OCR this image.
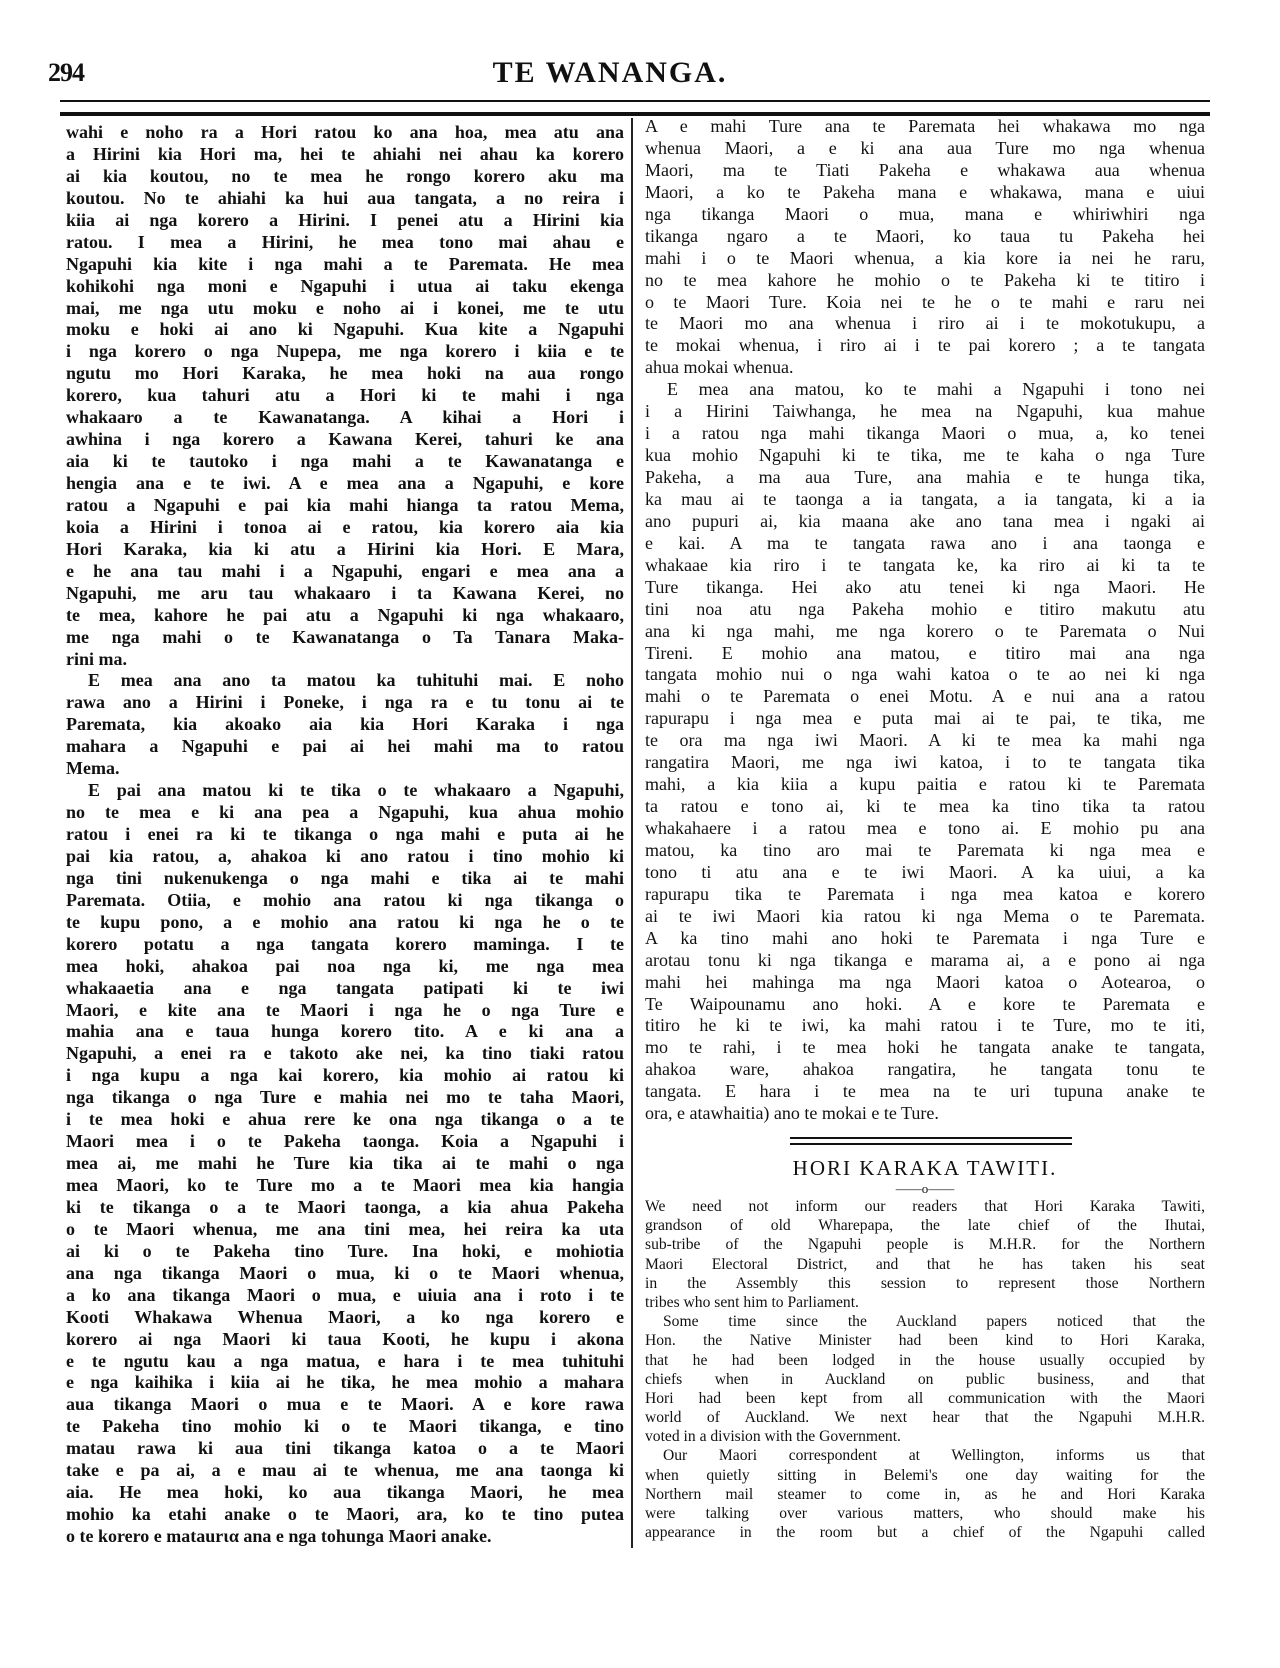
294	TE WANANGA.
wahi e noho ra a Hori ratou ko ana hoa, mea atu ana
a Hirini kia Hori ma, hei te ahiahi nei ahau ka korero
ai kia koutou, no te mea he rongo korero aku ma
koutou. No te ahiahi ka hui aua tangata, a no reira i
kiia ai nga korero a Hirini. I penei atu a Hirini kia
ratou. I mea a Hirini, he mea tono mai ahau e
Ngapuhi kia kite i nga mahi a te Paremata. He mea
kohikohi nga moni e Ngapuhi i utua ai taku ekenga
mai, me nga utu moku e noho ai i konei, me te utu
moku e hoki ai ano ki Ngapuhi. Kua kite a Ngapuhi
i nga korero o nga Nupepa, me nga korero i kiia e te
ngutu mo Hori Karaka, he mea hoki na aua rongo
korero, kua tahuri atu a Hori ki te mahi i nga
whakaaro a te Kawanatanga. A kihai a Hori i
awhina i nga korero a Kawana Kerei, tahuri ke ana
aia ki te tautoko i nga mahi a te Kawanatanga e
hengia ana e te iwi. A e mea ana a Ngapuhi, e kore
ratou a Ngapuhi e pai kia mahi hianga ta ratou Mema,
koia a Hirini i tonoa ai e ratou, kia korero aia kia
Hori Karaka, kia ki atu a Hirini kia Hori. E Mara,
e he ana tau mahi i a Ngapuhi, engari e mea ana a
Ngapuhi, me aru tau whakaaro i ta Kawana Kerei, no
te mea, kahore he pai atu a Ngapuhi ki nga whakaaro,
me nga mahi o te Kawanatanga o Ta Tanara Maka-
rini ma.
E mea ana ano ta matou ka tuhituhi mai. E noho
rawa ano a Hirini i Poneke, i nga ra e tu tonu ai te
Paremata, kia akoako aia kia Hori Karaka i nga
mahara a Ngapuhi e pai ai hei mahi ma to ratou
Mema.
E pai ana matou ki te tika o te whakaaro a Ngapuhi,
no te mea e ki ana pea a Ngapuhi, kua ahua mohio
ratou i enei ra ki te tikanga o nga mahi e puta ai he
pai kia ratou, a, ahakoa ki ano ratou i tino mohio ki
nga tini nukenukenga o nga mahi e tika ai te mahi
Paremata. Otiia, e mohio ana ratou ki nga tikanga o
te kupu pono, a e mohio ana ratou ki nga he o te
korero potatu a nga tangata korero maminga. I te
mea hoki, ahakoa pai noa nga ki, me nga mea
whakaaetia ana e nga tangata patipati ki te iwi
Maori, e kite ana te Maori i nga he o nga Ture e
mahia ana e taua hunga korero tito. A e ki ana a
Ngapuhi, a enei ra e takoto ake nei, ka tino tiaki ratou
i nga kupu a nga kai korero, kia mohio ai ratou ki
nga tikanga o nga Ture e mahia nei mo te taha Maori,
i te mea hoki e ahua rere ke ona nga tikanga o a te
Maori mea i o te Pakeha taonga. Koia a Ngapuhi i
mea ai, me mahi he Ture kia tika ai te mahi o nga
mea Maori, ko te Ture mo a te Maori mea kia hangia
ki te tikanga o a te Maori taonga, a kia ahua Pakeha
o te Maori whenua, me ana tini mea, hei reira ka uta
ai ki o te Pakeha tino Ture. Ina hoki, e mohiotia
ana nga tikanga Maori o mua, ki o te Maori whenua,
a ko ana tikanga Maori o mua, e uiuia ana i roto i te
Kooti Whakawa Whenua Maori, a ko nga korero e
korero ai nga Maori ki taua Kooti, he kupu i akona
e te ngutu kau a nga matua, e hara i te mea tuhituhi
e nga kaihika i kiia ai he tika, he mea mohio a mahara
aua tikanga Maori o mua e te Maori. A e kore rawa
te Pakeha tino mohio ki o te Maori tikanga, e tino
matau rawa ki aua tini tikanga katoa o a te Maori
take e pa ai, a e mau ai te whenua, me ana taonga ki
aia. He mea hoki, ko aua tikanga Maori, he mea
mohio ka etahi anake o te Maori, ara, ko te tino putea
o te korero e mataurια ana e nga tohunga Maori anake.
A e mahi Ture ana te Paremata hei whakawa mo nga
whenua Maori, a e ki ana aua Ture mo nga whenua
Maori, ma te Tiati Pakeha e whakawa aua whenua
Maori, a ko te Pakeha mana e whakawa, mana e uiui
nga tikanga Maori o mua, mana e whiriwhiri nga
tikanga ngaro a te Maori, ko taua tu Pakeha hei
mahi i o te Maori whenua, a kia kore ia nei he raru,
no te mea kahore he mohio o te Pakeha ki te titiro i
o te Maori Ture. Koia nei te he o te mahi e raru nei
te Maori mo ana whenua i riro ai i te mokotukupu, a
te mokai whenua, i riro ai i te pai korero ; a te tangata
ahua mokai whenua.
E mea ana matou, ko te mahi a Ngapuhi i tono nei
i a Hirini Taiwhanga, he mea na Ngapuhi, kua mahue
i a ratou nga mahi tikanga Maori o mua, a, ko tenei
kua mohio Ngapuhi ki te tika, me te kaha o nga Ture
Pakeha, a ma aua Ture, ana mahia e te hunga tika,
ka mau ai te taonga a ia tangata, a ia tangata, ki a ia
ano pupuri ai, kia maana ake ano tana mea i ngaki ai
e kai. A ma te tangata rawa ano i ana taonga e
whakaae kia riro i te tangata ke, ka riro ai ki ta te
Ture tikanga. Hei ako atu tenei ki nga Maori. He
tini noa atu nga Pakeha mohio e titiro makutu atu
ana ki nga mahi, me nga korero o te Paremata o Nui
Tireni. E mohio ana matou, e titiro mai ana nga
tangata mohio nui o nga wahi katoa o te ao nei ki nga
mahi o te Paremata o enei Motu. A e nui ana a ratou
rapurapu i nga mea e puta mai ai te pai, te tika, me
te ora ma nga iwi Maori. A ki te mea ka mahi nga
rangatira Maori, me nga iwi katoa, i to te tangata tika
mahi, a kia kiia a kupu paitia e ratou ki te Paremata
ta ratou e tono ai, ki te mea ka tino tika ta ratou
whakahaere i a ratou mea e tono ai. E mohio pu ana
matou, ka tino aro mai te Paremata ki nga mea e
tono ti atu ana e te iwi Maori. A ka uiui, a ka
rapurapu tika te Paremata i nga mea katoa e korero
ai te iwi Maori kia ratou ki nga Mema o te Paremata.
A ka tino mahi ano hoki te Paremata i nga Ture e
arotau tonu ki nga tikanga e marama ai, a e pono ai nga
mahi hei mahinga ma nga Maori katoa o Aotearoa, o
Te Waipounamu ano hoki. A e kore te Paremata e
titiro he ki te iwi, ka mahi ratou i te Ture, mo te iti,
mo te rahi, i te mea hoki he tangata anake te tangata,
ahakoa ware, ahakoa rangatira, he tangata tonu te
tangata. E hara i te mea na te uri tupuna anake te
ora, e atawhaitia) ano te mokai e te Ture.
HORI KARAKA TAWITI.
——o——
We need not inform our readers that Hori Karaka Tawiti,
grandson of old Wharepapa, the late chief of the Ihutai,
sub-tribe of the Ngapuhi people is M.H.R. for the Northern
Maori Electoral District, and that he has taken his seat
in the Assembly this session to represent those Northern
tribes who sent him to Parliament.
Some time since the Auckland papers noticed that the
Hon. the Native Minister had been kind to Hori Karaka,
that he had been lodged in the house usually occupied by
chiefs when in Auckland on public business, and that
Hori had been kept from all communication with the Maori
world of Auckland. We next hear that the Ngapuhi M.H.R.
voted in a division with the Government.
Our Maori correspondent at Wellington, informs us that
when quietly sitting in Belemi's one day waiting for the
Northern mail steamer to come in, as he and Hori Karaka
were talking over various matters, who should make his
appearance in the room but a chief of the Ngapuhi called
